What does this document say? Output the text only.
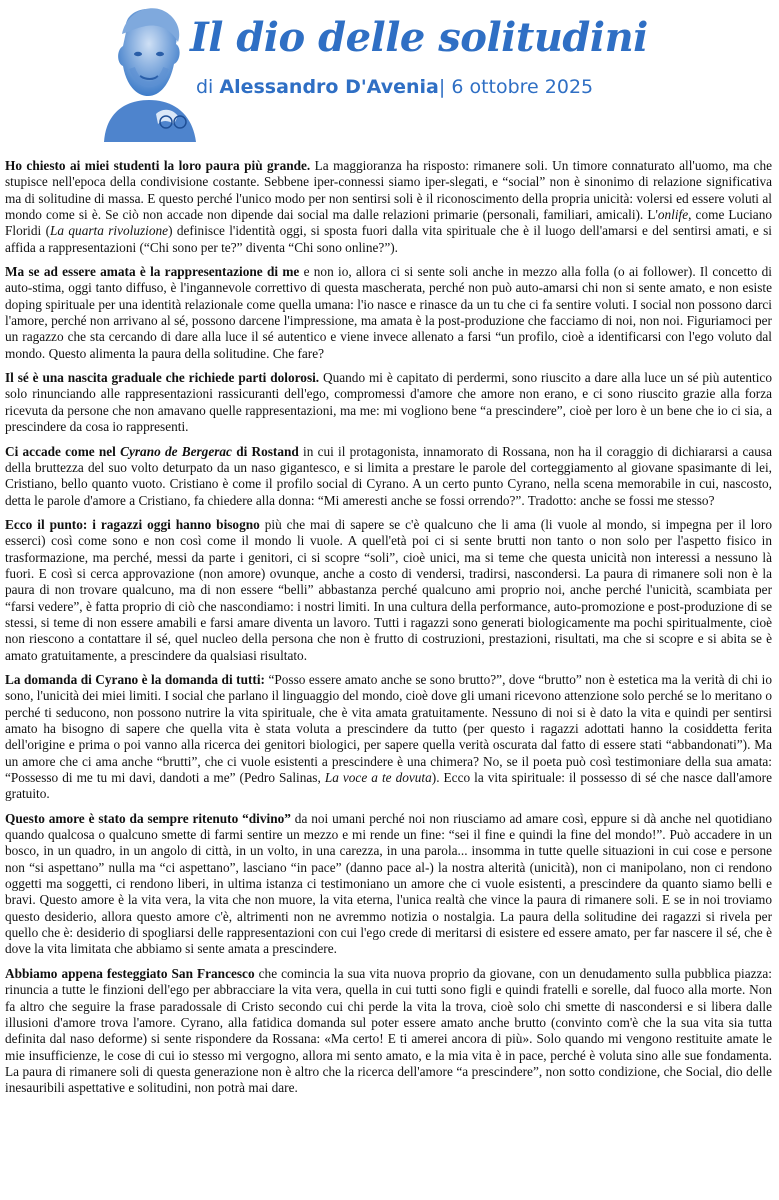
Il dio delle solitudini
di Alessandro D'Avenia| 6 ottobre 2025

Ho chiesto ai miei studenti la loro paura più grande. La maggioranza ha risposto: rimanere soli. Un timore connaturato all'uomo, ma che stupisce nell'epoca della condivisione costante. Sebbene iper-connessi siamo iper-slegati, e “social” non è sinonimo di relazione significativa ma di solitudine di massa. E questo perché l'unico modo per non sentirsi soli è il riconoscimento della propria unicità: volersi ed essere voluti al mondo come si è. Se ciò non accade non dipende dai social ma dalle relazioni primarie (personali, familiari, amicali). L'onlife, come Luciano Floridi (La quarta rivoluzione) definisce l'identità oggi, si sposta fuori dalla vita spirituale che è il luogo dell'amarsi e del sentirsi amati, e si affida a rappresentazioni (“Chi sono per te?” diventa “Chi sono online?”).

Ma se ad essere amata è la rappresentazione di me e non io, allora ci si sente soli anche in mezzo alla folla (o ai follower). Il concetto di auto-stima, oggi tanto diffuso, è l'ingannevole correttivo di questa mascherata, perché non può auto-amarsi chi non si sente amato, e non esiste doping spirituale per una identità relazionale come quella umana: l'io nasce e rinasce da un tu che ci fa sentire voluti. I social non possono darci l'amore, perché non arrivano al sé, possono darcene l'impressione, ma amata è la post-produzione che facciamo di noi, non noi. Figuriamoci per un ragazzo che sta cercando di dare alla luce il sé autentico e viene invece allenato a farsi “un profilo, cioè a identificarsi con l'ego voluto dal mondo. Questo alimenta la paura della solitudine. Che fare?

Il sé è una nascita graduale che richiede parti dolorosi. Quando mi è capitato di perdermi, sono riuscito a dare alla luce un sé più autentico solo rinunciando alle rappresentazioni rassicuranti dell'ego, compromessi d'amore che amore non erano, e ci sono riuscito grazie alla forza ricevuta da persone che non amavano quelle rappresentazioni, ma me: mi vogliono bene “a prescindere”, cioè per loro è un bene che io ci sia, a prescindere da cosa io rappresenti.

Ci accade come nel Cyrano de Bergerac di Rostand in cui il protagonista, innamorato di Rossana, non ha il coraggio di dichiararsi a causa della bruttezza del suo volto deturpato da un naso gigantesco, e si limita a prestare le parole del corteggiamento al giovane spasimante di lei, Cristiano, bello quanto vuoto. Cristiano è come il profilo social di Cyrano. A un certo punto Cyrano, nella scena memorabile in cui, nascosto, detta le parole d'amore a Cristiano, fa chiedere alla donna: “Mi ameresti anche se fossi orrendo?”. Tradotto: anche se fossi me stesso?

Ecco il punto: i ragazzi oggi hanno bisogno più che mai di sapere se c'è qualcuno che li ama (li vuole al mondo, si impegna per il loro esserci) così come sono e non così come il mondo li vuole. A quell'età poi ci si sente brutti non tanto o non solo per l'aspetto fisico in trasformazione, ma perché, messi da parte i genitori, ci si scopre “soli”, cioè unici, ma si teme che questa unicità non interessi a nessuno là fuori. E così si cerca approvazione (non amore) ovunque, anche a costo di vendersi, tradirsi, nascondersi. La paura di rimanere soli non è la paura di non trovare qualcuno, ma di non essere “belli” abbastanza perché qualcuno ami proprio noi, anche perché l'unicità, scambiata per “farsi vedere”, è fatta proprio di ciò che nascondiamo: i nostri limiti. In una cultura della performance, auto-promozione e post-produzione di se stessi, si teme di non essere amabili e farsi amare diventa un lavoro. Tutti i ragazzi sono generati biologicamente ma pochi spiritualmente, cioè non riescono a contattare il sé, quel nucleo della persona che non è frutto di costruzioni, prestazioni, risultati, ma che si scopre e si abita se è amato gratuitamente, a prescindere da qualsiasi risultato.

La domanda di Cyrano è la domanda di tutti: “Posso essere amato anche se sono brutto?”, dove “brutto” non è estetica ma la verità di chi io sono, l'unicità dei miei limiti. I social che parlano il linguaggio del mondo, cioè dove gli umani ricevono attenzione solo perché se lo meritano o perché ti seducono, non possono nutrire la vita spirituale, che è vita amata gratuitamente. Nessuno di noi si è dato la vita e quindi per sentirsi amato ha bisogno di sapere che quella vita è stata voluta a prescindere da tutto (per questo i ragazzi adottati hanno la cosiddetta ferita dell'origine e prima o poi vanno alla ricerca dei genitori biologici, per sapere quella verità oscurata dal fatto di essere stati “abbandonati”). Ma un amore che ci ama anche “brutti”, che ci vuole esistenti a prescindere è una chimera? No, se il poeta può così testimoniare della sua amata: “Possesso di me tu mi davi, dandoti a me” (Pedro Salinas, La voce a te dovuta). Ecco la vita spirituale: il possesso di sé che nasce dall'amore gratuito.

Questo amore è stato da sempre ritenuto “divino” da noi umani perché noi non riusciamo ad amare così, eppure si dà anche nel quotidiano quando qualcosa o qualcuno smette di farmi sentire un mezzo e mi rende un fine: “sei il fine e quindi la fine del mondo!”. Può accadere in un bosco, in un quadro, in un angolo di città, in un volto, in una carezza, in una parola... insomma in tutte quelle situazioni in cui cose e persone non “si aspettano” nulla ma “ci aspettano”, lasciano “in pace” (danno pace al-) la nostra alterità (unicità), non ci manipolano, non ci rendono oggetti ma soggetti, ci rendono liberi, in ultima istanza ci testimoniano un amore che ci vuole esistenti, a prescindere da quanto siamo belli e bravi. Questo amore è la vita vera, la vita che non muore, la vita eterna, l'unica realtà che vince la paura di rimanere soli. E se in noi troviamo questo desiderio, allora questo amore c'è, altrimenti non ne avremmo notizia o nostalgia. La paura della solitudine dei ragazzi si rivela per quello che è: desiderio di spogliarsi delle rappresentazioni con cui l'ego crede di meritarsi di esistere ed essere amato, per far nascere il sé, che è dove la vita limitata che abbiamo si sente amata a prescindere.

Abbiamo appena festeggiato San Francesco che comincia la sua vita nuova proprio da giovane, con un denudamento sulla pubblica piazza: rinuncia a tutte le finzioni dell'ego per abbracciare la vita vera, quella in cui tutti sono figli e quindi fratelli e sorelle, dal fuoco alla morte. Non fa altro che seguire la frase paradossale di Cristo secondo cui chi perde la vita la trova, cioè solo chi smette di nascondersi e si libera dalle illusioni d'amore trova l'amore. Cyrano, alla fatidica domanda sul poter essere amato anche brutto (convinto com'è che la sua vita sia tutta definita dal naso deforme) si sente rispondere da Rossana: «Ma certo! E ti amerei ancora di più». Solo quando mi vengono restituite amate le mie insufficienze, le cose di cui io stesso mi vergogno, allora mi sento amato, e la mia vita è in pace, perché è voluta sino alle sue fondamenta. La paura di rimanere soli di questa generazione non è altro che la ricerca dell'amore “a prescindere”, non sotto condizione, che Social, dio delle inesauribili aspettative e solitudini, non potrà mai dare.
